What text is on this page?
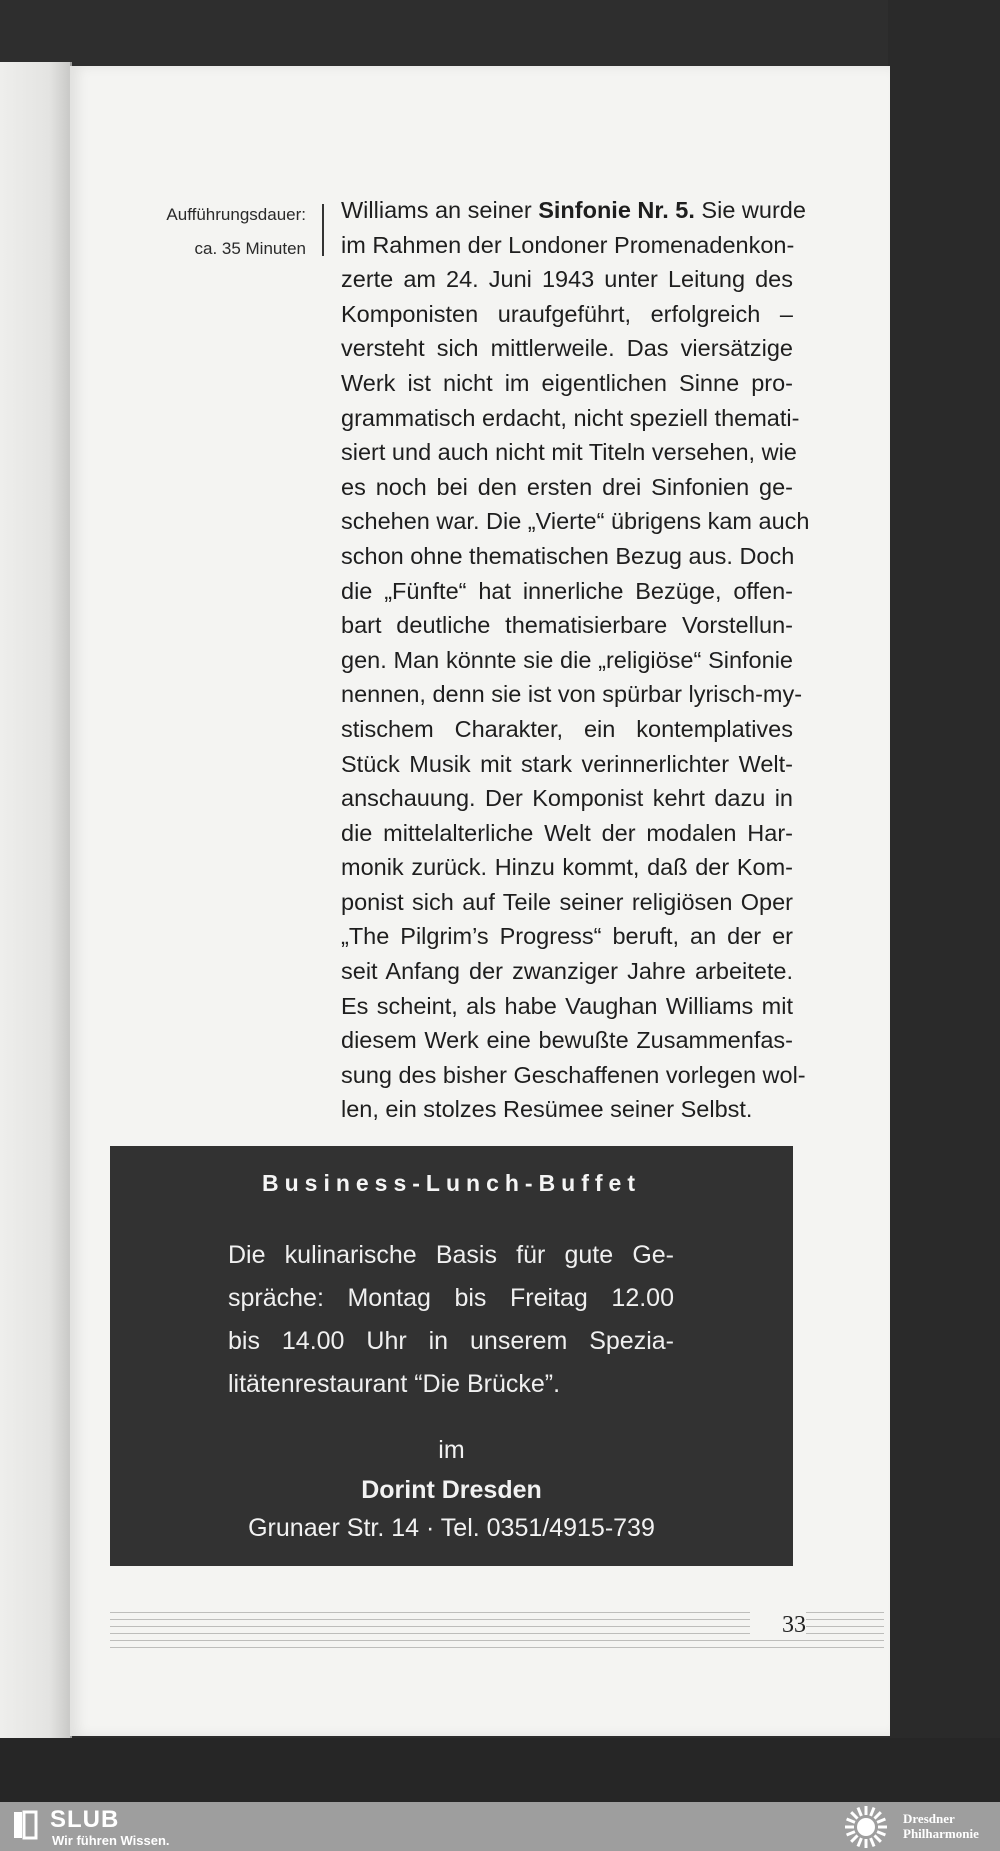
Aufführungsdauer:
ca. 35 Minuten
Williams an seiner Sinfonie Nr. 5. Sie wurde
im Rahmen der Londoner Promenadenkon-
zerte am 24. Juni 1943 unter Leitung des
Komponisten uraufgeführt, erfolgreich –
versteht sich mittlerweile. Das viersätzige
Werk ist nicht im eigentlichen Sinne pro-
grammatisch erdacht, nicht speziell themati-
siert und auch nicht mit Titeln versehen, wie
es noch bei den ersten drei Sinfonien ge-
schehen war. Die „Vierte“ übrigens kam auch
schon ohne thematischen Bezug aus. Doch
die „Fünfte“ hat innerliche Bezüge, offen-
bart deutliche thematisierbare Vorstellun-
gen. Man könnte sie die „religiöse“ Sinfonie
nennen, denn sie ist von spürbar lyrisch-my-
stischem Charakter, ein kontemplatives
Stück Musik mit stark verinnerlichter Welt-
anschauung. Der Komponist kehrt dazu in
die mittelalterliche Welt der modalen Har-
monik zurück. Hinzu kommt, daß der Kom-
ponist sich auf Teile seiner religiösen Oper
„The Pilgrim’s Progress“ beruft, an der er
seit Anfang der zwanziger Jahre arbeitete.
Es scheint, als habe Vaughan Williams mit
diesem Werk eine bewußte Zusammenfas-
sung des bisher Geschaffenen vorlegen wol-
len, ein stolzes Resümee seiner Selbst.
Business-Lunch-Buffet
Die kulinarische Basis für gute Ge-
spräche: Montag bis Freitag 12.00
bis 14.00 Uhr in unserem Spezia-
litätenrestaurant “Die Brücke”.
im
Dorint Dresden
Grunaer Str. 14 · Tel. 0351/4915-739
33
SLUB
Wir führen Wissen.
Dresdner
Philharmonie
